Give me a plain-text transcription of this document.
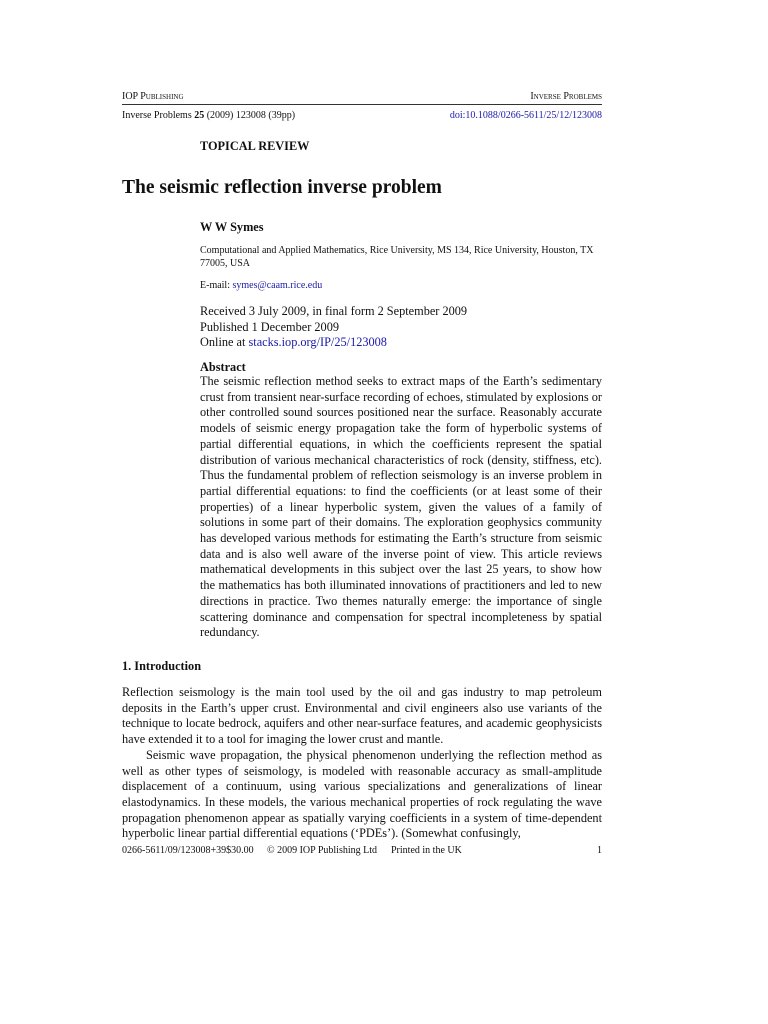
IOP Publishing	Inverse Problems
Inverse Problems 25 (2009) 123008 (39pp)	doi:10.1088/0266-5611/25/12/123008
TOPICAL REVIEW
The seismic reflection inverse problem
W W Symes
Computational and Applied Mathematics, Rice University, MS 134, Rice University, Houston, TX 77005, USA
E-mail: symes@caam.rice.edu
Received 3 July 2009, in final form 2 September 2009
Published 1 December 2009
Online at stacks.iop.org/IP/25/123008
Abstract

The seismic reflection method seeks to extract maps of the Earth’s sedimentary crust from transient near-surface recording of echoes, stimulated by explosions or other controlled sound sources positioned near the surface. Reasonably accurate models of seismic energy propagation take the form of hyperbolic systems of partial differential equations, in which the coefficients represent the spatial distribution of various mechanical characteristics of rock (density, stiffness, etc). Thus the fundamental problem of reflection seismology is an inverse problem in partial differential equations: to find the coefficients (or at least some of their properties) of a linear hyperbolic system, given the values of a family of solutions in some part of their domains. The exploration geophysics community has developed various methods for estimating the Earth’s structure from seismic data and is also well aware of the inverse point of view. This article reviews mathematical developments in this subject over the last 25 years, to show how the mathematics has both illuminated innovations of practitioners and led to new directions in practice. Two themes naturally emerge: the importance of single scattering dominance and compensation for spectral incompleteness by spatial redundancy.

1. Introduction

Reflection seismology is the main tool used by the oil and gas industry to map petroleum deposits in the Earth’s upper crust. Environmental and civil engineers also use variants of the technique to locate bedrock, aquifers and other near-surface features, and academic geophysicists have extended it to a tool for imaging the lower crust and mantle.

Seismic wave propagation, the physical phenomenon underlying the reflection method as well as other types of seismology, is modeled with reasonable accuracy as small-amplitude displacement of a continuum, using various specializations and generalizations of linear elastodynamics. In these models, the various mechanical properties of rock regulating the wave propagation phenomenon appear as spatially varying coefficients in a system of time-dependent hyperbolic linear partial differential equations (‘PDEs’). (Somewhat confusingly,

0266-5611/09/123008+39$30.00 © 2009 IOP Publishing Ltd Printed in the UK	1
